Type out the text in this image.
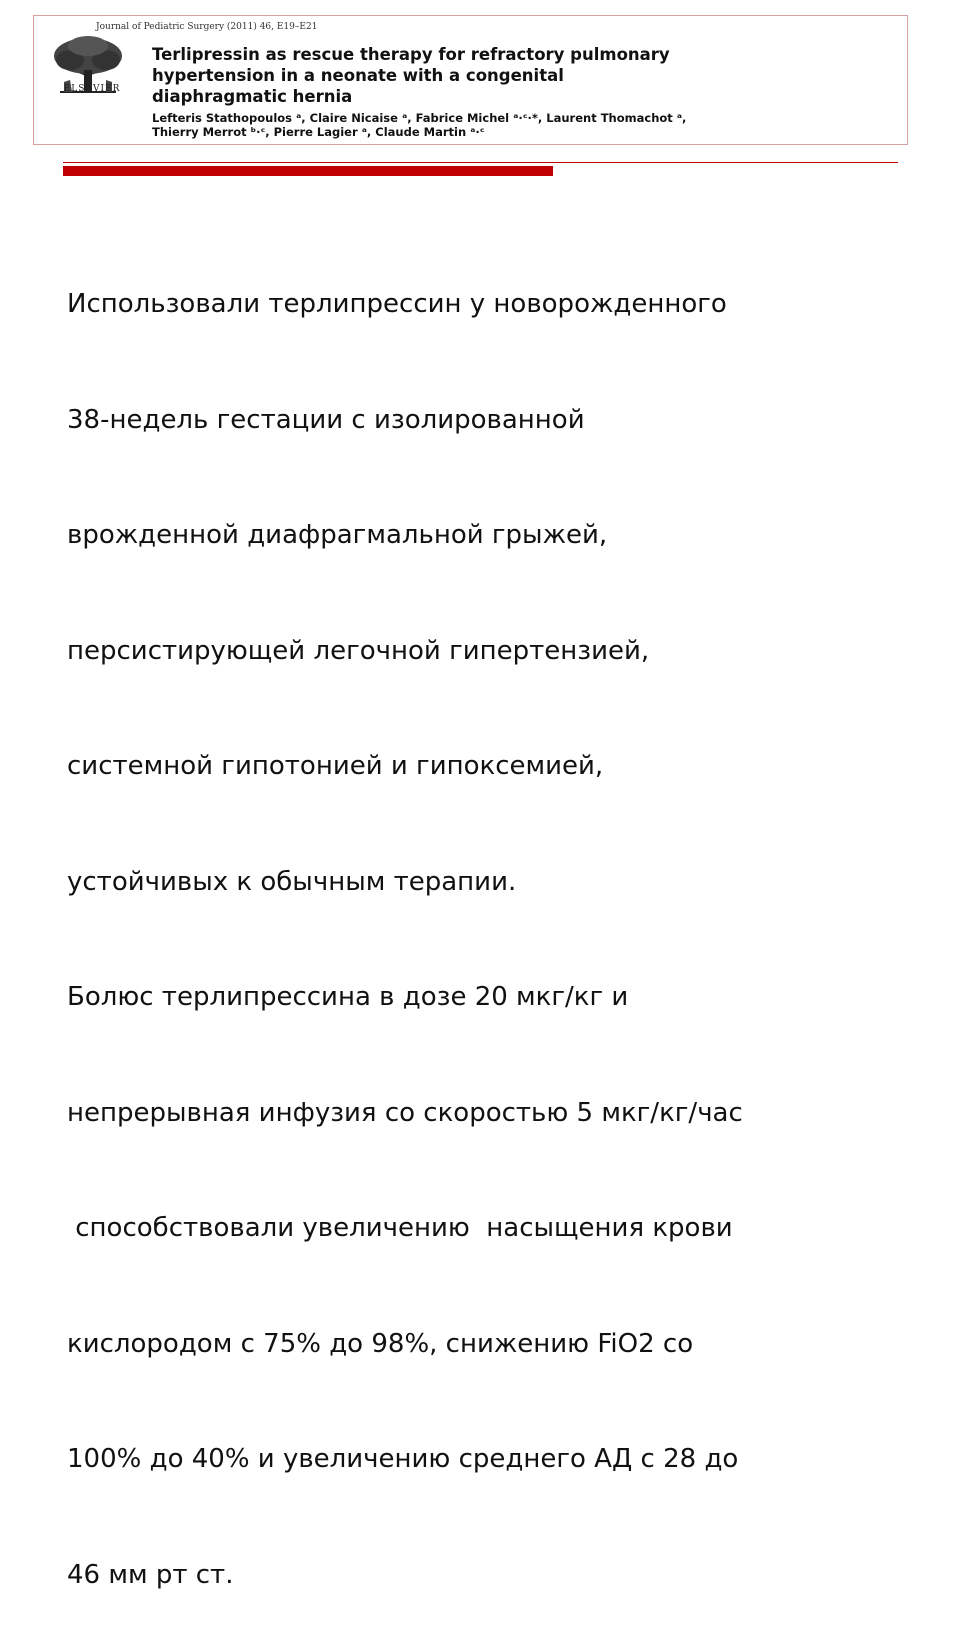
ELSEVIER
Journal of Pediatric Surgery (2011) 46, E19–E21
Terlipressin as rescue therapy for refractory pulmonary
hypertension in a neonate with a congenital
diaphragmatic hernia
Lefteris Stathopoulos ᵃ, Claire Nicaise ᵃ, Fabrice Michel ᵃ·ᶜ·*, Laurent Thomachot ᵃ,
Thierry Merrot ᵇ·ᶜ, Pierre Lagier ᵃ, Claude Martin ᵃ·ᶜ

Использовали терлипрессин у новорожденного

38-недель гестации с изолированной

врожденной диафрагмальной грыжей,

персистирующей легочной гипертензией,

системной гипотонией и гипоксемией,

устойчивых к обычным терапии.

Болюс терлипрессина в дозе 20 мкг/кг и

непрерывная инфузия со скоростью 5 мкг/кг/час

способствовали увеличению  насыщения крови

кислородом с 75% до 98%, снижению FiO2 со

100% до 40% и увеличению среднего АД с 28 до

46 мм рт ст.
